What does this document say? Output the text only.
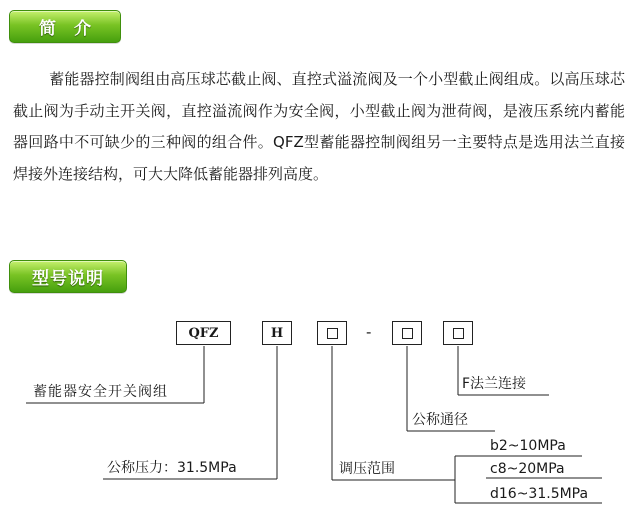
简介

蓄能器控制阀组由高压球芯截止阀、直控式溢流阀及一个小型截止阀组成。以高压球芯截止阀为手动主开关阀，直控溢流阀作为安全阀，小型截止阀为泄荷阀，是液压系统内蓄能器回路中不可缺少的三种阀的组合件。QFZ型蓄能器控制阀组另一主要特点是选用法兰直接焊接外连接结构，可大大降低蓄能器排列高度。

型号说明
QFZ	H	-
蓄能器安全开关阀组
公称压力：31.5MPa	调压范围
公称通径
F法兰连接
b2~10MPa
c8~20MPa
d16~31.5MPa
